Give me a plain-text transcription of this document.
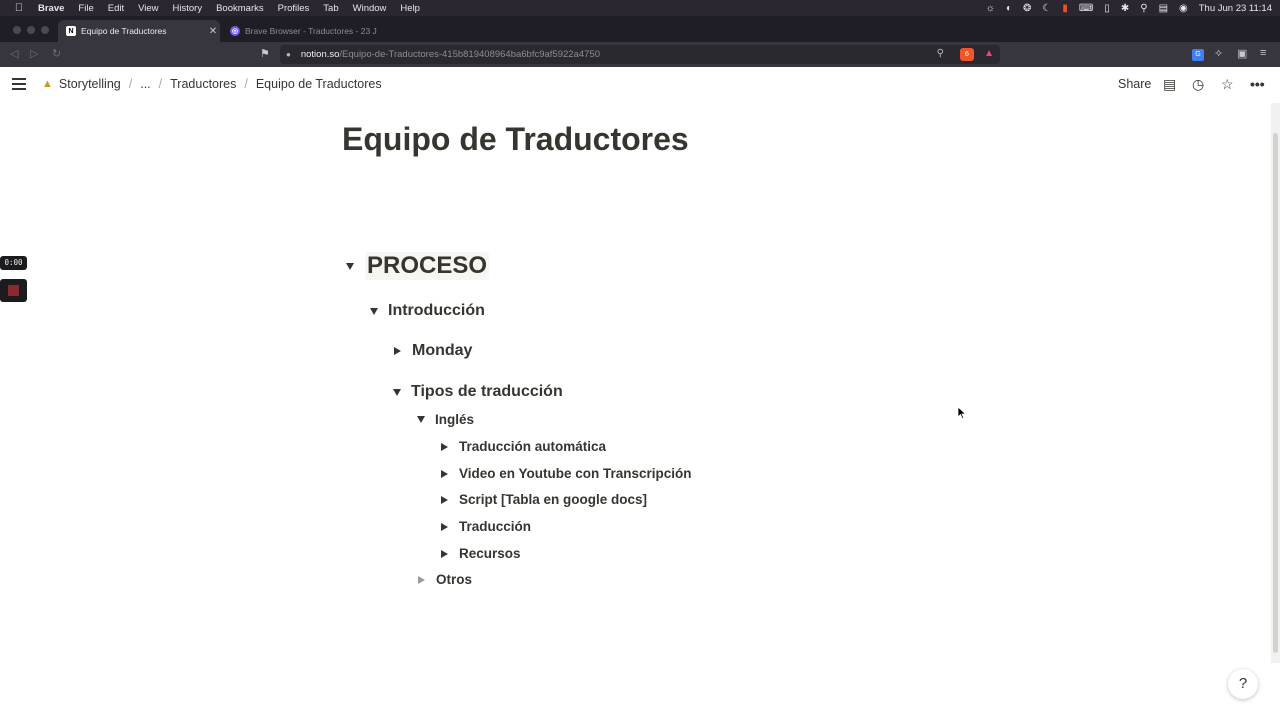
Brave File Edit View History Bookmarks Profiles Tab Window Help	☼ ◐ ❂ ☾ ▮ ⌨ ▯ ✱ ⚲ ▤ ◉ Thu Jun 23 11:14
N Equipo de Traductores	✕	◎ Brave Browser - Traductores - 23 J
◁ ▷ ↻	⚑ ● notion.so /Equipo-de-Traductores-415b819408964ba6bfc9af5922a4750	⚲	6	▲	G ✧ ▣ ≡
▲ Storytelling / ... / Traductores / Equipo de Traductores	Share ▤ ◷ ☆ •••
0:00
Equipo de Traductores
PROCESO
Introducción
Monday
Tipos de traducción
Inglés
Traducción automática
Video en Youtube con Transcripción
Script [Tabla en google docs]
Traducción
Recursos
Otros
?
